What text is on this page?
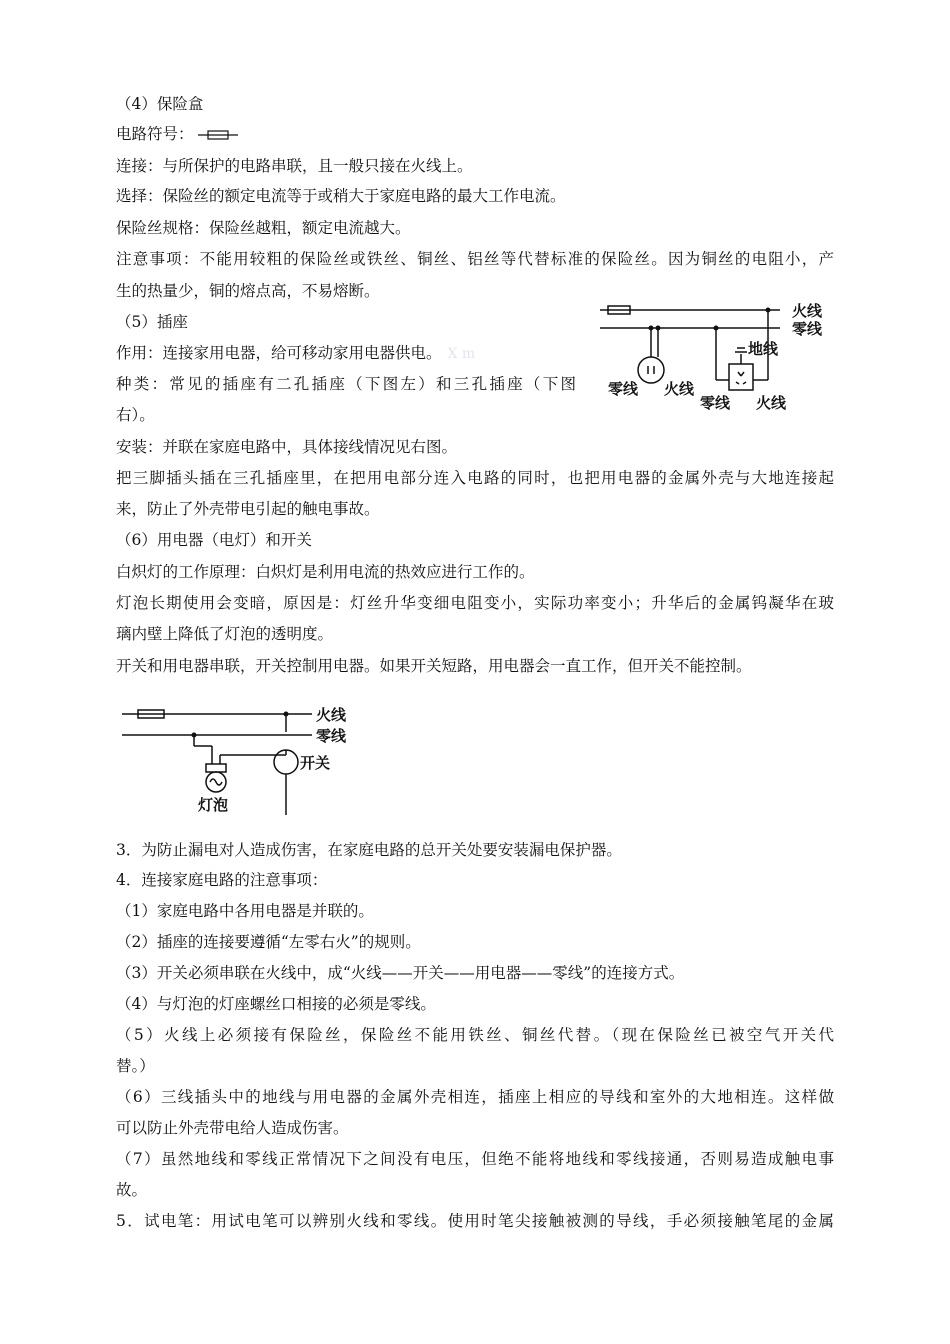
（4）保险盒
电路符号：
连接：与所保护的电路串联，且一般只接在火线上。
选择：保险丝的额定电流等于或稍大于家庭电路的最大工作电流。
保险丝规格：保险丝越粗，额定电流越大。
注意事项：不能用较粗的保险丝或铁丝、铜丝、铝丝等代替标准的保险丝。因为铜丝的电阻小，产
生的热量少，铜的熔点高，不易熔断。
（5）插座
作用：连接家用电器，给可移动家用电器供电。 X m
种类：常见的插座有二孔插座（下图左）和三孔插座（下图
右）。
安装：并联在家庭电路中，具体接线情况见右图。
把三脚插头插在三孔插座里，在把用电部分连入电路的同时，也把用电器的金属外壳与大地连接起
来，防止了外壳带电引起的触电事故。
（6）用电器（电灯）和开关
白炽灯的工作原理：白炽灯是利用电流的热效应进行工作的。
灯泡长期使用会变暗，原因是：灯丝升华变细电阻变小，实际功率变小；升华后的金属钨凝华在玻
璃内壁上降低了灯泡的透明度。
开关和用电器串联，开关控制用电器。如果开关短路，用电器会一直工作，但开关不能控制。
3．为防止漏电对人造成伤害，在家庭电路的总开关处要安装漏电保护器。
4．连接家庭电路的注意事项：
（1）家庭电路中各用电器是并联的。
（2）插座的连接要遵循“左零右火”的规则。
（3）开关必须串联在火线中，成“火线——开关——用电器——零线”的连接方式。
（4）与灯泡的灯座螺丝口相接的必须是零线。
（5）火线上必须接有保险丝，保险丝不能用铁丝、铜丝代替。（现在保险丝已被空气开关代
替。）
（6）三线插头中的地线与用电器的金属外壳相连，插座上相应的导线和室外的大地相连。这样做
可以防止外壳带电给人造成伤害。
（7）虽然地线和零线正常情况下之间没有电压，但绝不能将地线和零线接通，否则易造成触电事
故。
5．试电笔：用试电笔可以辨别火线和零线。使用时笔尖接触被测的导线，手必须接触笔尾的金属
火线
零线
地线
零线 火线
零线 火线
火线
零线
开关
灯泡
